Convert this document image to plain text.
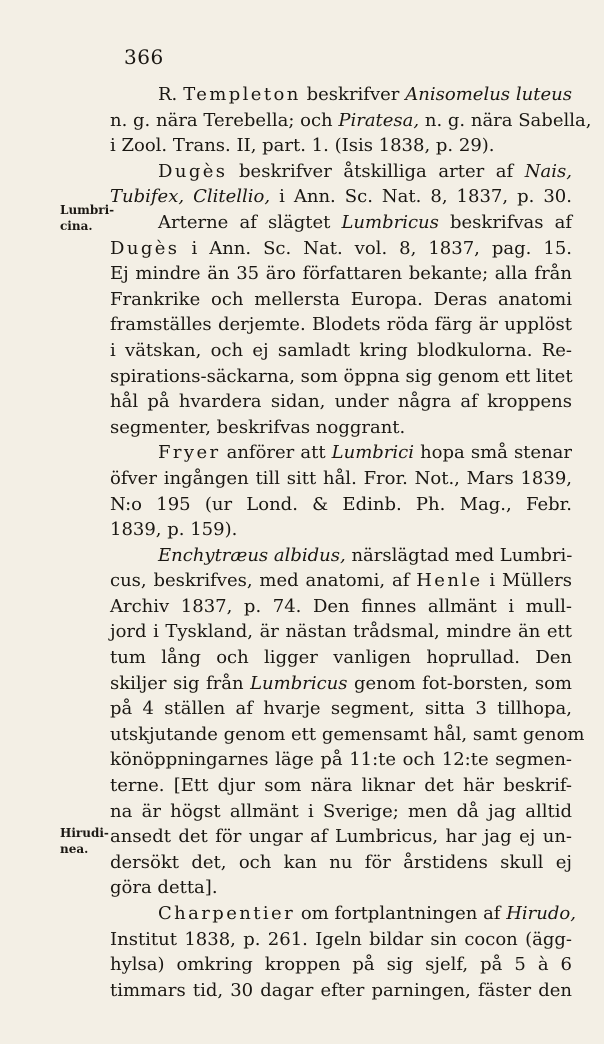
366
Lumbri-
cina.
Hirudi-
nea.
R. Templeton beskrifver Anisomelus luteus
n. g. nära Terebella; och Piratesa, n. g. nära Sabella,
i Zool. Trans. II, part. 1. (Isis 1838, p. 29).
Dugès beskrifver åtskilliga arter af Nais,
Tubifex, Clitellio, i Ann. Sc. Nat. 8, 1837, p. 30.
Arterne af slägtet Lumbricus beskrifvas af
Dugès i Ann. Sc. Nat. vol. 8, 1837, pag. 15.
Ej mindre än 35 äro författaren bekante; alla från
Frankrike och mellersta Europa. Deras anatomi
framställes derjemte. Blodets röda färg är upplöst
i vätskan, och ej samladt kring blodkulorna. Re-
spirations-säckarna, som öppna sig genom ett litet
hål på hvardera sidan, under några af kroppens
segmenter, beskrifvas noggrant.
Fryer anförer att Lumbrici hopa små stenar
öfver ingången till sitt hål. Fror. Not., Mars 1839,
N:o 195 (ur Lond. & Edinb. Ph. Mag., Febr.
1839, p. 159).
Enchytræus albidus, närslägtad med Lumbri-
cus, beskrifves, med anatomi, af Henle i Müllers
Archiv 1837, p. 74. Den finnes allmänt i mull-
jord i Tyskland, är nästan trådsmal, mindre än ett
tum lång och ligger vanligen hoprullad. Den
skiljer sig från Lumbricus genom fot-borsten, som
på 4 ställen af hvarje segment, sitta 3 tillhopa,
utskjutande genom ett gemensamt hål, samt genom
könöppningarnes läge på 11:te och 12:te segmen-
terne. [Ett djur som nära liknar det här beskrif-
na är högst allmänt i Sverige; men då jag alltid
ansedt det för ungar af Lumbricus, har jag ej un-
dersökt det, och kan nu för årstidens skull ej
göra detta].
Charpentier om fortplantningen af Hirudo,
Institut 1838, p. 261. Igeln bildar sin cocon (ägg-
hylsa) omkring kroppen på sig sjelf, på 5 à 6
timmars tid, 30 dagar efter parningen, fäster den
